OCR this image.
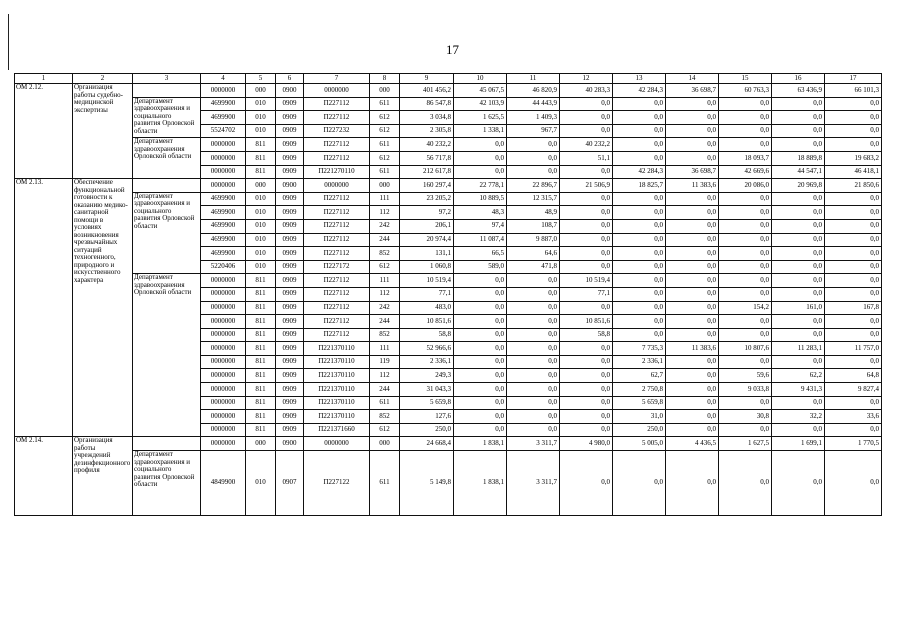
17
1	2	3	4	5	6	7	8	9	10	11	12	13	14	15	16	17
ОМ 2.12.	Организация работы судебно-медицинской экспертизы		0000000	000	0900	0000000	000	401 456,2	45 067,5	46 820,9	40 283,3	42 284,3	36 698,7	60 763,3	63 436,9	66 101,3
		Департамент здравоохранения и социального развития Орловской области	4699900	010	0909	П227112	611	86 547,8	42 103,9	44 443,9	0,0	0,0	0,0	0,0	0,0	0,0
			4699900	010	0909	П227112	612	3 034,8	1 625,5	1 409,3	0,0	0,0	0,0	0,0	0,0	0,0
			5524702	010	0909	П227232	612	2 305,8	1 338,1	967,7	0,0	0,0	0,0	0,0	0,0	0,0
		Департамент здравоохранения Орловской области	0000000	811	0909	П227112	611	40 232,2	0,0	0,0	40 232,2	0,0	0,0	0,0	0,0	0,0
			0000000	811	0909	П227112	612	56 717,8	0,0	0,0	51,1	0,0	0,0	18 093,7	18 889,8	19 683,2
			0000000	811	0909	П221270110	611	212 617,8	0,0	0,0	0,0	42 284,3	36 698,7	42 669,6	44 547,1	46 418,1
ОМ 2.13.	Обеспечение функциональной готовности к оказанию медико-санитарной помощи в условиях возникновения чрезвычайных ситуаций техногенного, природного и искусственного характера		0000000	000	0900	0000000	000	160 297,4	22 778,1	22 896,7	21 506,9	18 825,7	11 383,6	20 086,0	20 969,8	21 850,6
		Департамент здравоохранения и социального развития Орловской области	4699900	010	0909	П227112	111	23 205,2	10 889,5	12 315,7	0,0	0,0	0,0	0,0	0,0	0,0
			4699900	010	0909	П227112	112	97,2	48,3	48,9	0,0	0,0	0,0	0,0	0,0	0,0
			4699900	010	0909	П227112	242	206,1	97,4	108,7	0,0	0,0	0,0	0,0	0,0	0,0
			4699900	010	0909	П227112	244	20 974,4	11 087,4	9 887,0	0,0	0,0	0,0	0,0	0,0	0,0
			4699900	010	0909	П227112	852	131,1	66,5	64,6	0,0	0,0	0,0	0,0	0,0	0,0
			5220406	010	0909	П227172	612	1 060,8	589,0	471,8	0,0	0,0	0,0	0,0	0,0	0,0
		Департамент здравоохранения Орловской области	0000000	811	0909	П227112	111	10 519,4	0,0	0,0	10 519,4	0,0	0,0	0,0	0,0	0,0
			0000000	811	0909	П227112	112	77,1	0,0	0,0	77,1	0,0	0,0	0,0	0,0	0,0
			0000000	811	0909	П227112	242	483,0	0,0	0,0	0,0	0,0	0,0	154,2	161,0	167,8
			0000000	811	0909	П227112	244	10 851,6	0,0	0,0	10 851,6	0,0	0,0	0,0	0,0	0,0
			0000000	811	0909	П227112	852	58,8	0,0	0,0	58,8	0,0	0,0	0,0	0,0	0,0
			0000000	811	0909	П221370110	111	52 966,6	0,0	0,0	0,0	7 735,3	11 383,6	10 807,6	11 283,1	11 757,0
			0000000	811	0909	П221370110	119	2 336,1	0,0	0,0	0,0	2 336,1	0,0	0,0	0,0	0,0
			0000000	811	0909	П221370110	112	249,3	0,0	0,0	0,0	62,7	0,0	59,6	62,2	64,8
			0000000	811	0909	П221370110	244	31 043,3	0,0	0,0	0,0	2 750,8	0,0	9 033,8	9 431,3	9 827,4
			0000000	811	0909	П221370110	611	5 659,8	0,0	0,0	0,0	5 659,8	0,0	0,0	0,0	0,0
			0000000	811	0909	П221370110	852	127,6	0,0	0,0	0,0	31,0	0,0	30,8	32,2	33,6
			0000000	811	0909	П221371660	612	250,0	0,0	0,0	0,0	250,0	0,0	0,0	0,0	0,0
ОМ 2.14.	Организация работы учреждений дезинфекционного профиля		0000000	000	0900	0000000	000	24 668,4	1 838,1	3 311,7	4 980,0	5 005,0	4 436,5	1 627,5	1 699,1	1 770,5
		Департамент здравоохранения и социального развития Орловской области	4849900	010	0907	П227122	611	5 149,8	1 838,1	3 311,7	0,0	0,0	0,0	0,0	0,0	0,0
